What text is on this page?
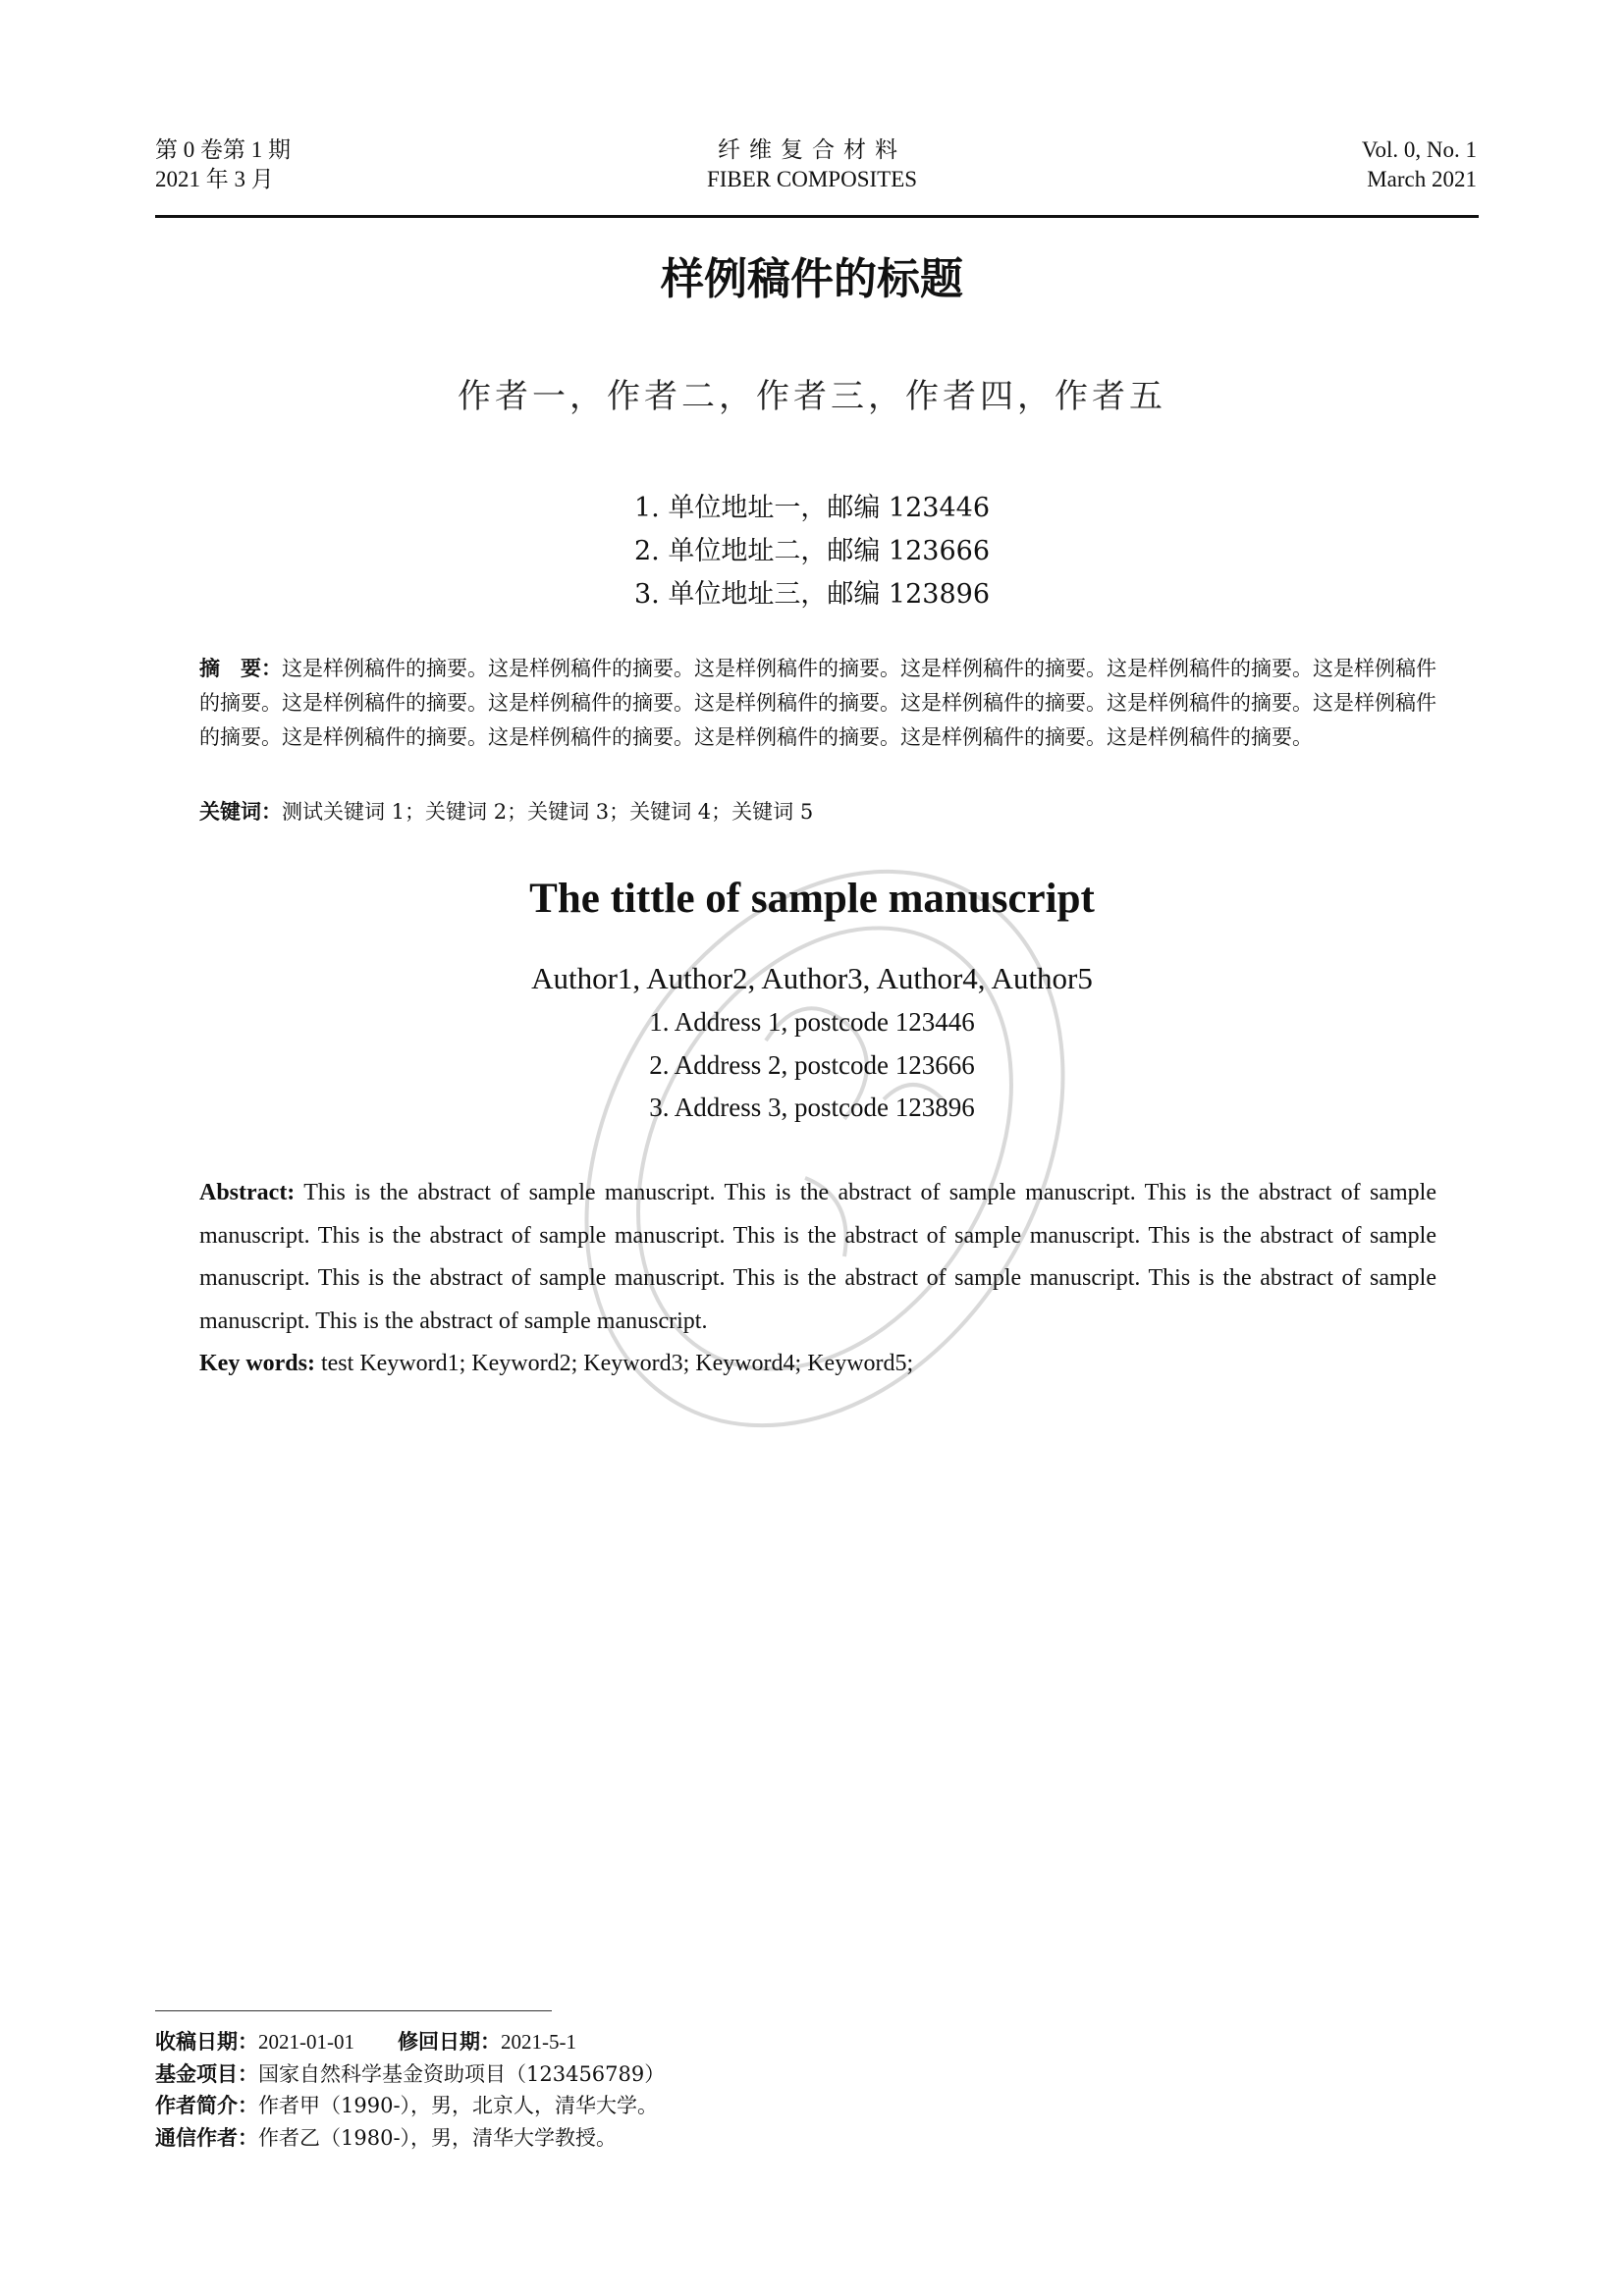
第 0 卷第 1 期
2021 年 3 月
纤维复合材料
FIBER COMPOSITES
Vol. 0, No. 1
March 2021
样例稿件的标题
作者一，作者二，作者三，作者四，作者五
1. 单位地址一，邮编 123446
2. 单位地址二，邮编 123666
3. 单位地址三，邮编 123896
摘　要：这是样例稿件的摘要。这是样例稿件的摘要。这是样例稿件的摘要。这是样例稿件的摘要。这是样例稿件的摘要。这是样例稿件的摘要。这是样例稿件的摘要。这是样例稿件的摘要。这是样例稿件的摘要。这是样例稿件的摘要。这是样例稿件的摘要。这是样例稿件的摘要。这是样例稿件的摘要。这是样例稿件的摘要。这是样例稿件的摘要。这是样例稿件的摘要。这是样例稿件的摘要。
关键词：测试关键词 1；关键词 2；关键词 3；关键词 4；关键词 5
The tittle of sample manuscript
Author1, Author2, Author3, Author4, Author5
1. Address 1, postcode 123446
2. Address 2, postcode 123666
3. Address 3, postcode 123896
Abstract: This is the abstract of sample manuscript. This is the abstract of sample manuscript. This is the abstract of sample manuscript. This is the abstract of sample manuscript. This is the abstract of sample manuscript. This is the abstract of sample manuscript. This is the abstract of sample manuscript. This is the abstract of sample manuscript. This is the abstract of sample manuscript. This is the abstract of sample manuscript.
Key words: test Keyword1; Keyword2; Keyword3; Keyword4; Keyword5;
收稿日期：2021-01-01 修回日期：2021-5-1
基金项目：国家自然科学基金资助项目（123456789）
作者简介：作者甲（1990-），男，北京人，清华大学。
通信作者：作者乙（1980-），男，清华大学教授。
